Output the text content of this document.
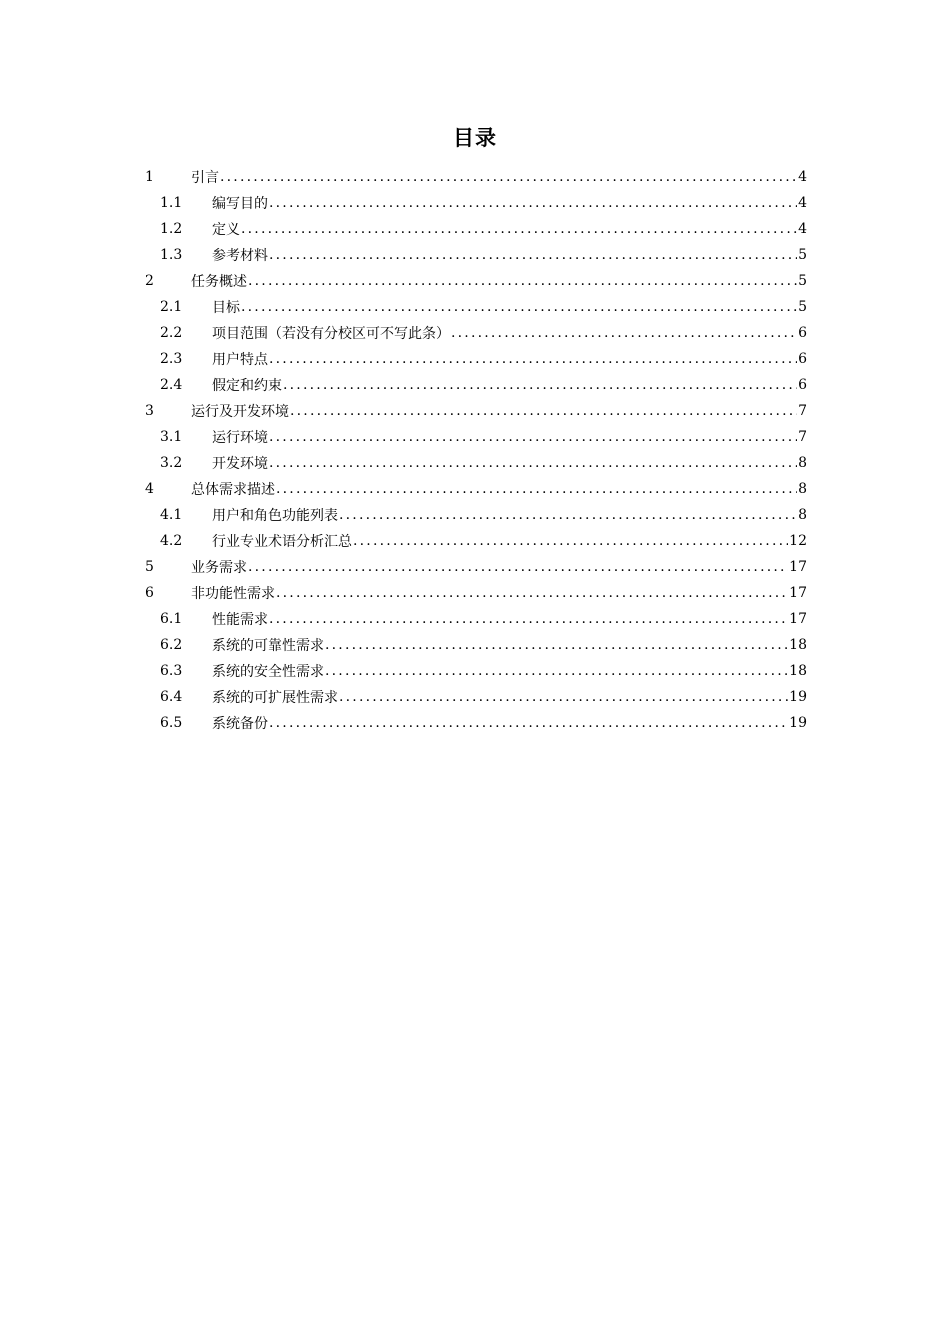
目录
1	引言 .....	4
1.1	编写目的 .....	4
1.2	定义 .....	4
1.3	参考材料 .....	5
2	任务概述 .....	5
2.1	目标 .....	5
2.2	项目范围（若没有分校区可不写此条） .....	6
2.3	用户特点 .....	6
2.4	假定和约束 .....	6
3	运行及开发环境 .....	7
3.1	运行环境 .....	7
3.2	开发环境 .....	8
4	总体需求描述 .....	8
4.1	用户和角色功能列表 .....	8
4.2	行业专业术语分析汇总 .....	12
5	业务需求 .....	17
6	非功能性需求 .....	17
6.1	性能需求 .....	17
6.2	系统的可靠性需求 .....	18
6.3	系统的安全性需求 .....	18
6.4	系统的可扩展性需求 .....	19
6.5	系统备份 .....	19
